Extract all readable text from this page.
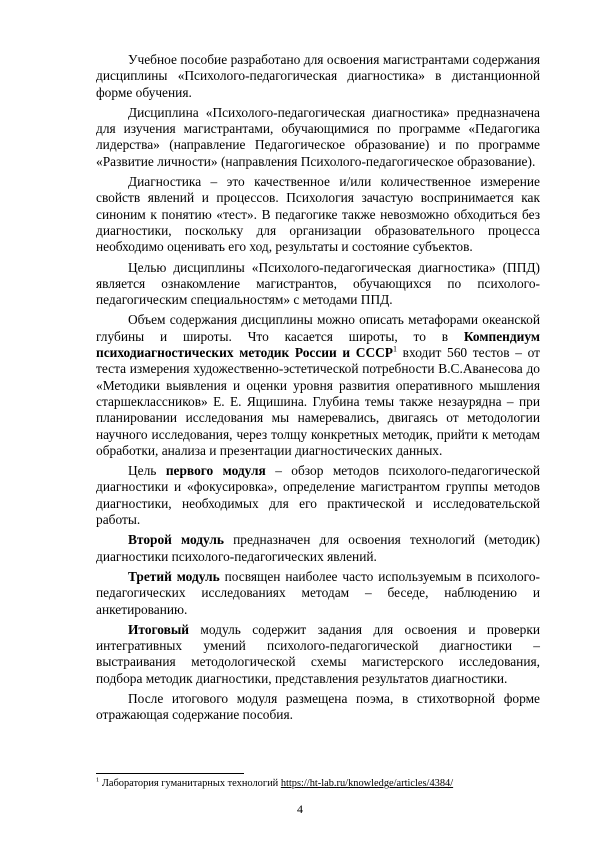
Учебное пособие разработано для освоения магистрантами содержания дисциплины «Психолого-педагогическая диагностика» в дистанционной форме обучения.

Дисциплина «Психолого-педагогическая диагностика» предназначена для изучения магистрантами, обучающимися по программе «Педагогика лидерства» (направление Педагогическое образование) и по программе «Развитие личности» (направления Психолого-педагогическое образование).

Диагностика – это качественное и/или количественное измерение свойств явлений и процессов. Психология зачастую воспринимается как синоним к понятию «тест». В педагогике также невозможно обходиться без диагностики, поскольку для организации образовательного процесса необходимо оценивать его ход, результаты и состояние субъектов.

Целью дисциплины «Психолого-педагогическая диагностика» (ППД) является ознакомление магистрантов, обучающихся по психолого-педагогическим специальностям» с методами ППД.

Объем содержания дисциплины можно описать метафорами океанской глубины и широты. Что касается широты, то в Компендиум психодиагностических методик России и СССР$^1$ входит 560 тестов – от теста измерения художественно-эстетической потребности В.С.Аванесова до «Методики выявления и оценки уровня развития оперативного мышления старшеклассников» Е. Е. Ящишина. Глубина темы также незаурядна – при планировании исследования мы намеревались, двигаясь от методологии научного исследования, через толщу конкретных методик, прийти к методам обработки, анализа и презентации диагностических данных.

Цель первого модуля – обзор методов психолого-педагогической диагностики и «фокусировка», определение магистрантом группы методов диагностики, необходимых для его практической и исследовательской работы.

Второй модуль предназначен для освоения технологий (методик) диагностики психолого-педагогических явлений.

Третий модуль посвящен наиболее часто используемым в психолого-педагогических исследованиях методам – беседе, наблюдению и анкетированию.

Итоговый модуль содержит задания для освоения и проверки интегративных умений психолого-педагогической диагностики – выстраивания методологической схемы магистерского исследования, подбора методик диагностики, представления результатов диагностики.

После итогового модуля размещена поэма, в стихотворной форме отражающая содержание пособия.

$^1$ Лаборатория гуманитарных технологий https://ht-lab.ru/knowledge/articles/4384/
4
